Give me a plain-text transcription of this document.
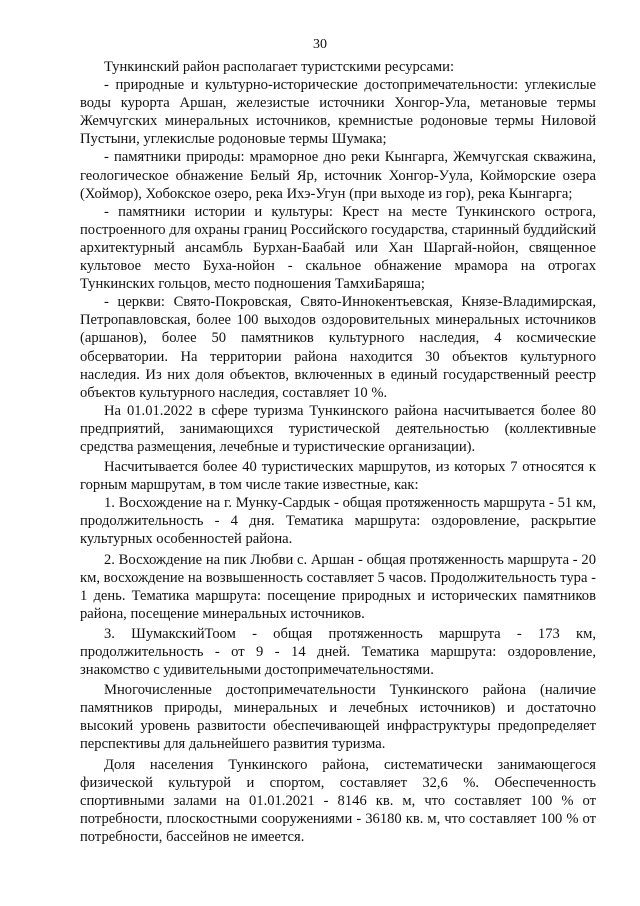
30

Тункинский район располагает туристскими ресурсами:

- природные и культурно-исторические достопримечательности: углекислые воды курорта Аршан, железистые источники Хонгор-Ула, метановые термы Жемчугских минеральных источников, кремнистые родоновые термы Ниловой Пустыни, углекислые родоновые термы Шумака;

- памятники природы: мраморное дно реки Кынгарга, Жемчугская скважина, геологическое обнажение Белый Яр, источник Хонгор-Уула, Койморские озера (Хоймор), Хобокское озеро, река Ихэ-Угун (при выходе из гор), река Кынгарга;

- памятники истории и культуры: Крест на месте Тункинского острога, построенного для охраны границ Российского государства, старинный буддийский архитектурный ансамбль Бурхан-Баабай или Хан Шаргай-нойон, священное культовое место Буха-нойон - скальное обнажение мрамора на отрогах Тункинских гольцов, место подношения ТамхиБаряша;

- церкви: Свято-Покровская, Свято-Иннокентьевская, Князе-Владимирская, Петропавловская, более 100 выходов оздоровительных минеральных источников (аршанов), более 50 памятников культурного наследия, 4 космические обсерватории. На территории района находится 30 объектов культурного наследия. Из них доля объектов, включенных в единый государственный реестр объектов культурного наследия, составляет 10 %.

На 01.01.2022 в сфере туризма Тункинского района насчитывается более 80 предприятий, занимающихся туристической деятельностью (коллективные средства размещения, лечебные и туристические организации).

Насчитывается более 40 туристических маршрутов, из которых 7 относятся к горным маршрутам, в том числе такие известные, как:

1. Восхождение на г. Мунку-Сардык - общая протяженность маршрута - 51 км, продолжительность - 4 дня. Тематика маршрута: оздоровление, раскрытие культурных особенностей района.

2. Восхождение на пик Любви с. Аршан - общая протяженность маршрута - 20 км, восхождение на возвышенность составляет 5 часов. Продолжительность тура - 1 день. Тематика маршрута: посещение природных и исторических памятников района, посещение минеральных источников.

3. ШумакскийТоом - общая протяженность маршрута - 173 км, продолжительность - от 9 - 14 дней. Тематика маршрута: оздоровление, знакомство с удивительными достопримечательностями.

Многочисленные достопримечательности Тункинского района (наличие памятников природы, минеральных и лечебных источников) и достаточно высокий уровень развитости обеспечивающей инфраструктуры предопределяет перспективы для дальнейшего развития туризма.

Доля населения Тункинского района, систематически занимающегося физической культурой и спортом, составляет 32,6 %. Обеспеченность спортивными залами на 01.01.2021 - 8146 кв. м, что составляет 100 % от потребности, плоскостными сооружениями - 36180 кв. м, что составляет 100 % от потребности, бассейнов не имеется.
